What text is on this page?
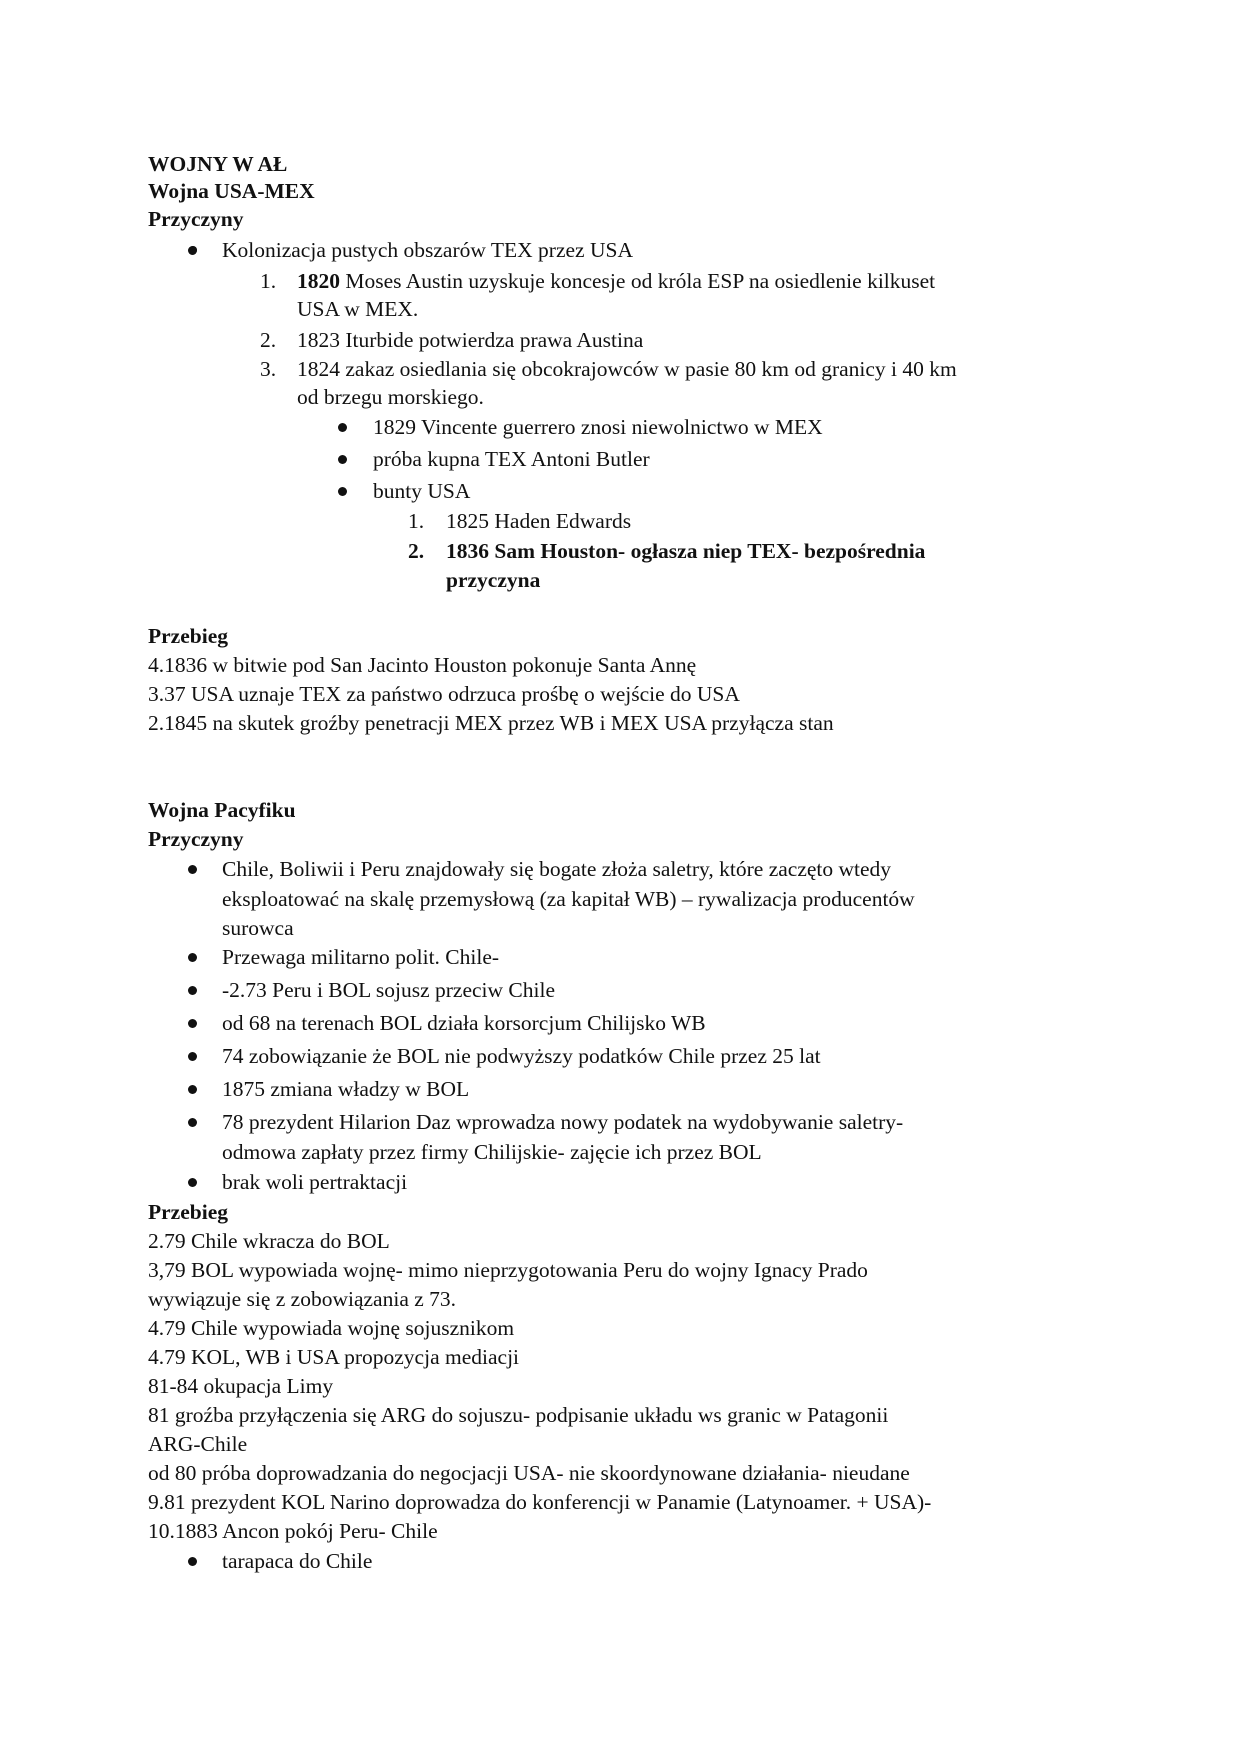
WOJNY W AŁ
Wojna USA-MEX
Przyczyny
Kolonizacja pustych obszarów TEX przez USA
1. 1820 Moses Austin uzyskuje koncesje od króla ESP na osiedlenie kilkuset
USA w MEX.
2. 1823 Iturbide potwierdza prawa Austina
3. 1824 zakaz osiedlania się obcokrajowców w pasie 80 km od granicy i 40 km
od brzegu morskiego.
1829 Vincente guerrero znosi niewolnictwo w MEX
próba kupna TEX Antoni Butler
bunty USA
1. 1825 Haden Edwards
2. 1836 Sam Houston- ogłasza niep TEX- bezpośrednia
przyczyna
Przebieg
4.1836 w bitwie pod San Jacinto Houston pokonuje Santa Annę
3.37 USA uznaje TEX za państwo odrzuca prośbę o wejście do USA
2.1845 na skutek groźby penetracji MEX przez WB i MEX USA przyłącza stan
Wojna Pacyfiku
Przyczyny
Chile, Boliwii i Peru znajdowały się bogate złoża saletry, które zaczęto wtedy
eksploatować na skalę przemysłową (za kapitał WB) – rywalizacja producentów
surowca
Przewaga militarno polit. Chile-
-2.73 Peru i BOL sojusz przeciw Chile
od 68 na terenach BOL działa korsorcjum Chilijsko WB
74 zobowiązanie że BOL nie podwyższy podatków Chile przez 25 lat
1875 zmiana władzy w BOL
78 prezydent Hilarion Daz wprowadza nowy podatek na wydobywanie saletry-
odmowa zapłaty przez firmy Chilijskie- zajęcie ich przez BOL
brak woli pertraktacji
Przebieg
2.79 Chile wkracza do BOL
3,79 BOL wypowiada wojnę- mimo nieprzygotowania Peru do wojny Ignacy Prado
wywiązuje się z zobowiązania z 73.
4.79 Chile wypowiada wojnę sojusznikom
4.79 KOL, WB i USA propozycja mediacji
81-84 okupacja Limy
81 groźba przyłączenia się ARG do sojuszu- podpisanie układu ws granic w Patagonii
ARG-Chile
od 80 próba doprowadzania do negocjacji USA- nie skoordynowane działania- nieudane
9.81 prezydent KOL Narino doprowadza do konferencji w Panamie (Latynoamer. + USA)-
10.1883 Ancon pokój Peru- Chile
tarapaca do Chile
